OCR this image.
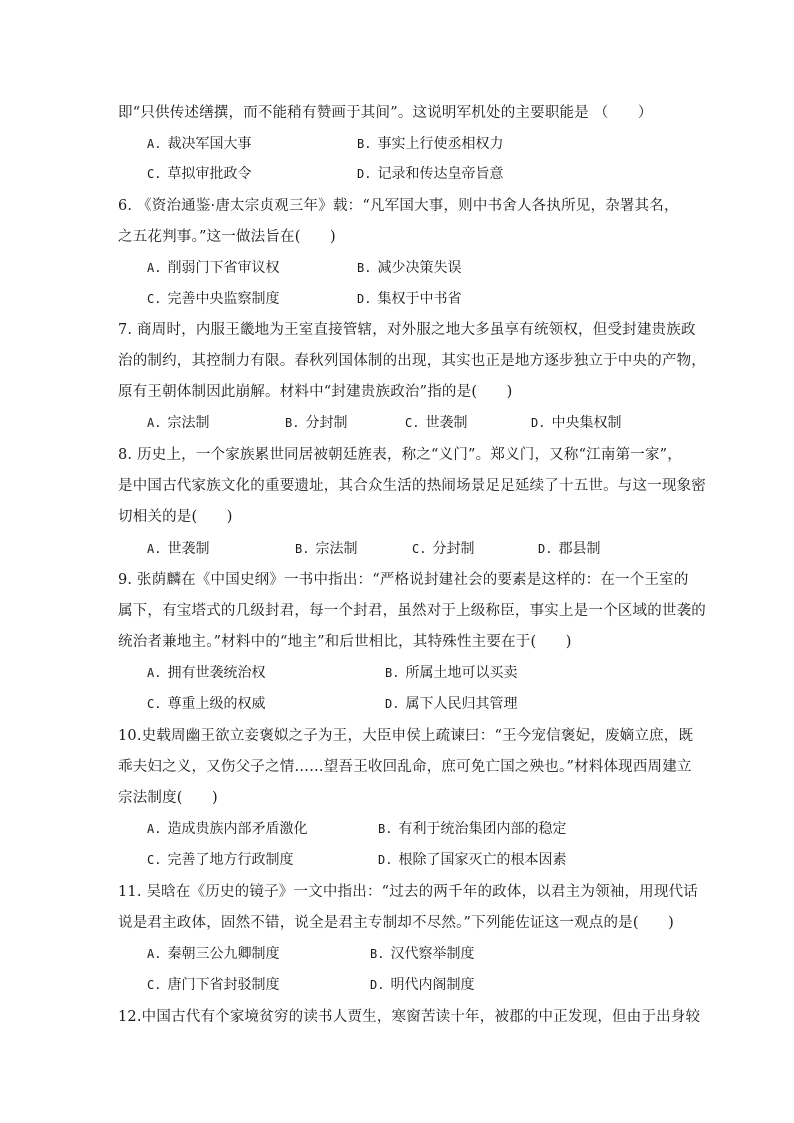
即“只供传述缮撰，而不能稍有赞画于其间”。这说明军机处的主要职能是 （　　）
A. 裁决军国大事	B. 事实上行使丞相权力
C. 草拟审批政令	D. 记录和传达皇帝旨意
6. 《资治通鉴·唐太宗贞观三年》载：“凡军国大事，则中书舍人各执所见，杂署其名，
之五花判事。”这一做法旨在(　　)
A. 削弱门下省审议权	B. 减少决策失误
C. 完善中央监察制度	D. 集权于中书省
7. 商周时，内服王畿地为王室直接管辖，对外服之地大多虽享有统领权，但受封建贵族政
治的制约，其控制力有限。春秋列国体制的出现，其实也正是地方逐步独立于中央的产物，
原有王朝体制因此崩解。材料中“封建贵族政治”指的是(　　)
A. 宗法制	B. 分封制	C. 世袭制	D. 中央集权制
8. 历史上，一个家族累世同居被朝廷旌表，称之“义门”。郑义门，又称“江南第一家”，
是中国古代家族文化的重要遗址，其合众生活的热闹场景足足延续了十五世。与这一现象密
切相关的是(　　)
A. 世袭制	B. 宗法制	C. 分封制	D. 郡县制
9. 张荫麟在《中国史纲》一书中指出：“严格说封建社会的要素是这样的：在一个王室的
属下，有宝塔式的几级封君，每一个封君，虽然对于上级称臣，事实上是一个区域的世袭的
统治者兼地主。”材料中的“地主”和后世相比，其特殊性主要在于(　　)
A. 拥有世袭统治权	B. 所属土地可以买卖
C. 尊重上级的权威	D. 属下人民归其管理
10.史载周幽王欲立妾褒姒之子为王，大臣申侯上疏谏曰：“王今宠信褒妃，废嫡立庶，既
乖夫妇之义，又伤父子之情……望吾王收回乱命，庶可免亡国之殃也。”材料体现西周建立
宗法制度(　　)
A. 造成贵族内部矛盾激化	B. 有利于统治集团内部的稳定
C. 完善了地方行政制度	D. 根除了国家灭亡的根本因素
11. 吴晗在《历史的镜子》一文中指出：“过去的两千年的政体，以君主为领袖，用现代话
说是君主政体，固然不错，说全是君主专制却不尽然。”下列能佐证这一观点的是(　　)
A. 秦朝三公九卿制度	B. 汉代察举制度
C. 唐门下省封驳制度	D. 明代内阁制度
12.中国古代有个家境贫穷的读书人贾生，寒窗苦读十年，被郡的中正发现，但由于出身较
